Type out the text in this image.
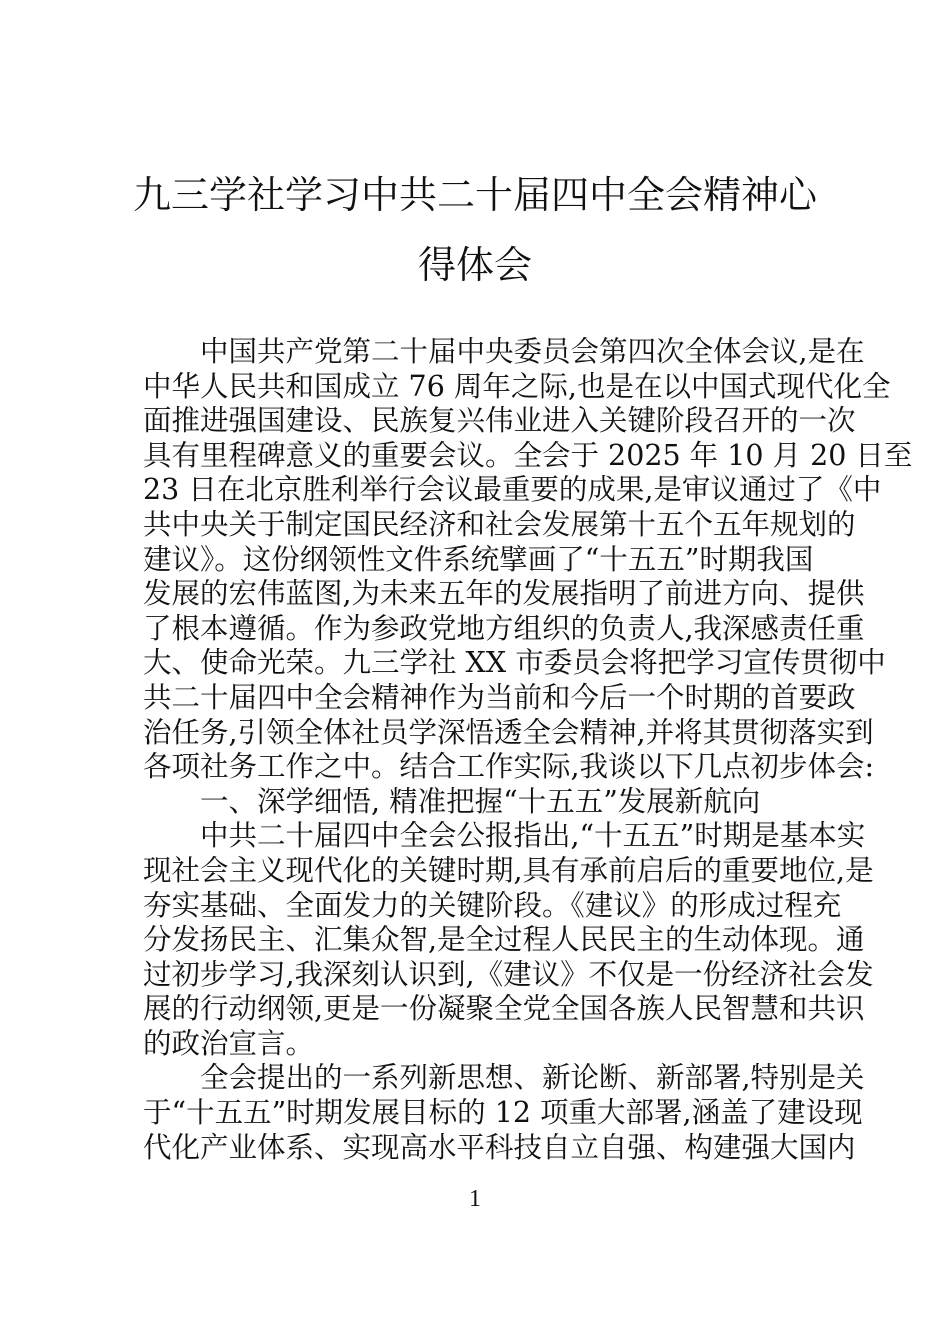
九三学社学习中共二十届四中全会精神心
得体会
中国共产党第二十届中央委员会第四次全体会议,是在
中华人民共和国成立 76 周年之际,也是在以中国式现代化全
面推进强国建设、民族复兴伟业进入关键阶段召开的一次
具有里程碑意义的重要会议。全会于 2025 年 10 月 20 日至
23 日在北京胜利举行会议最重要的成果,是审议通过了《中
共中央关于制定国民经济和社会发展第十五个五年规划的
建议》。这份纲领性文件系统擘画了“十五五”时期我国
发展的宏伟蓝图,为未来五年的发展指明了前进方向、提供
了根本遵循。作为参政党地方组织的负责人,我深感责任重
大、使命光荣。九三学社 XX 市委员会将把学习宣传贯彻中
共二十届四中全会精神作为当前和今后一个时期的首要政
治任务,引领全体社员学深悟透全会精神,并将其贯彻落实到
各项社务工作之中。结合工作实际,我谈以下几点初步体会:
一、深学细悟, 精准把握“十五五”发展新航向
中共二十届四中全会公报指出,“十五五”时期是基本实
现社会主义现代化的关键时期,具有承前启后的重要地位,是
夯实基础、全面发力的关键阶段。《建议》的形成过程充
分发扬民主、汇集众智,是全过程人民民主的生动体现。通
过初步学习,我深刻认识到,《建议》不仅是一份经济社会发
展的行动纲领,更是一份凝聚全党全国各族人民智慧和共识
的政治宣言。
全会提出的一系列新思想、新论断、新部署,特别是关
于“十五五”时期发展目标的 12 项重大部署,涵盖了建设现
代化产业体系、实现高水平科技自立自强、构建强大国内
1
